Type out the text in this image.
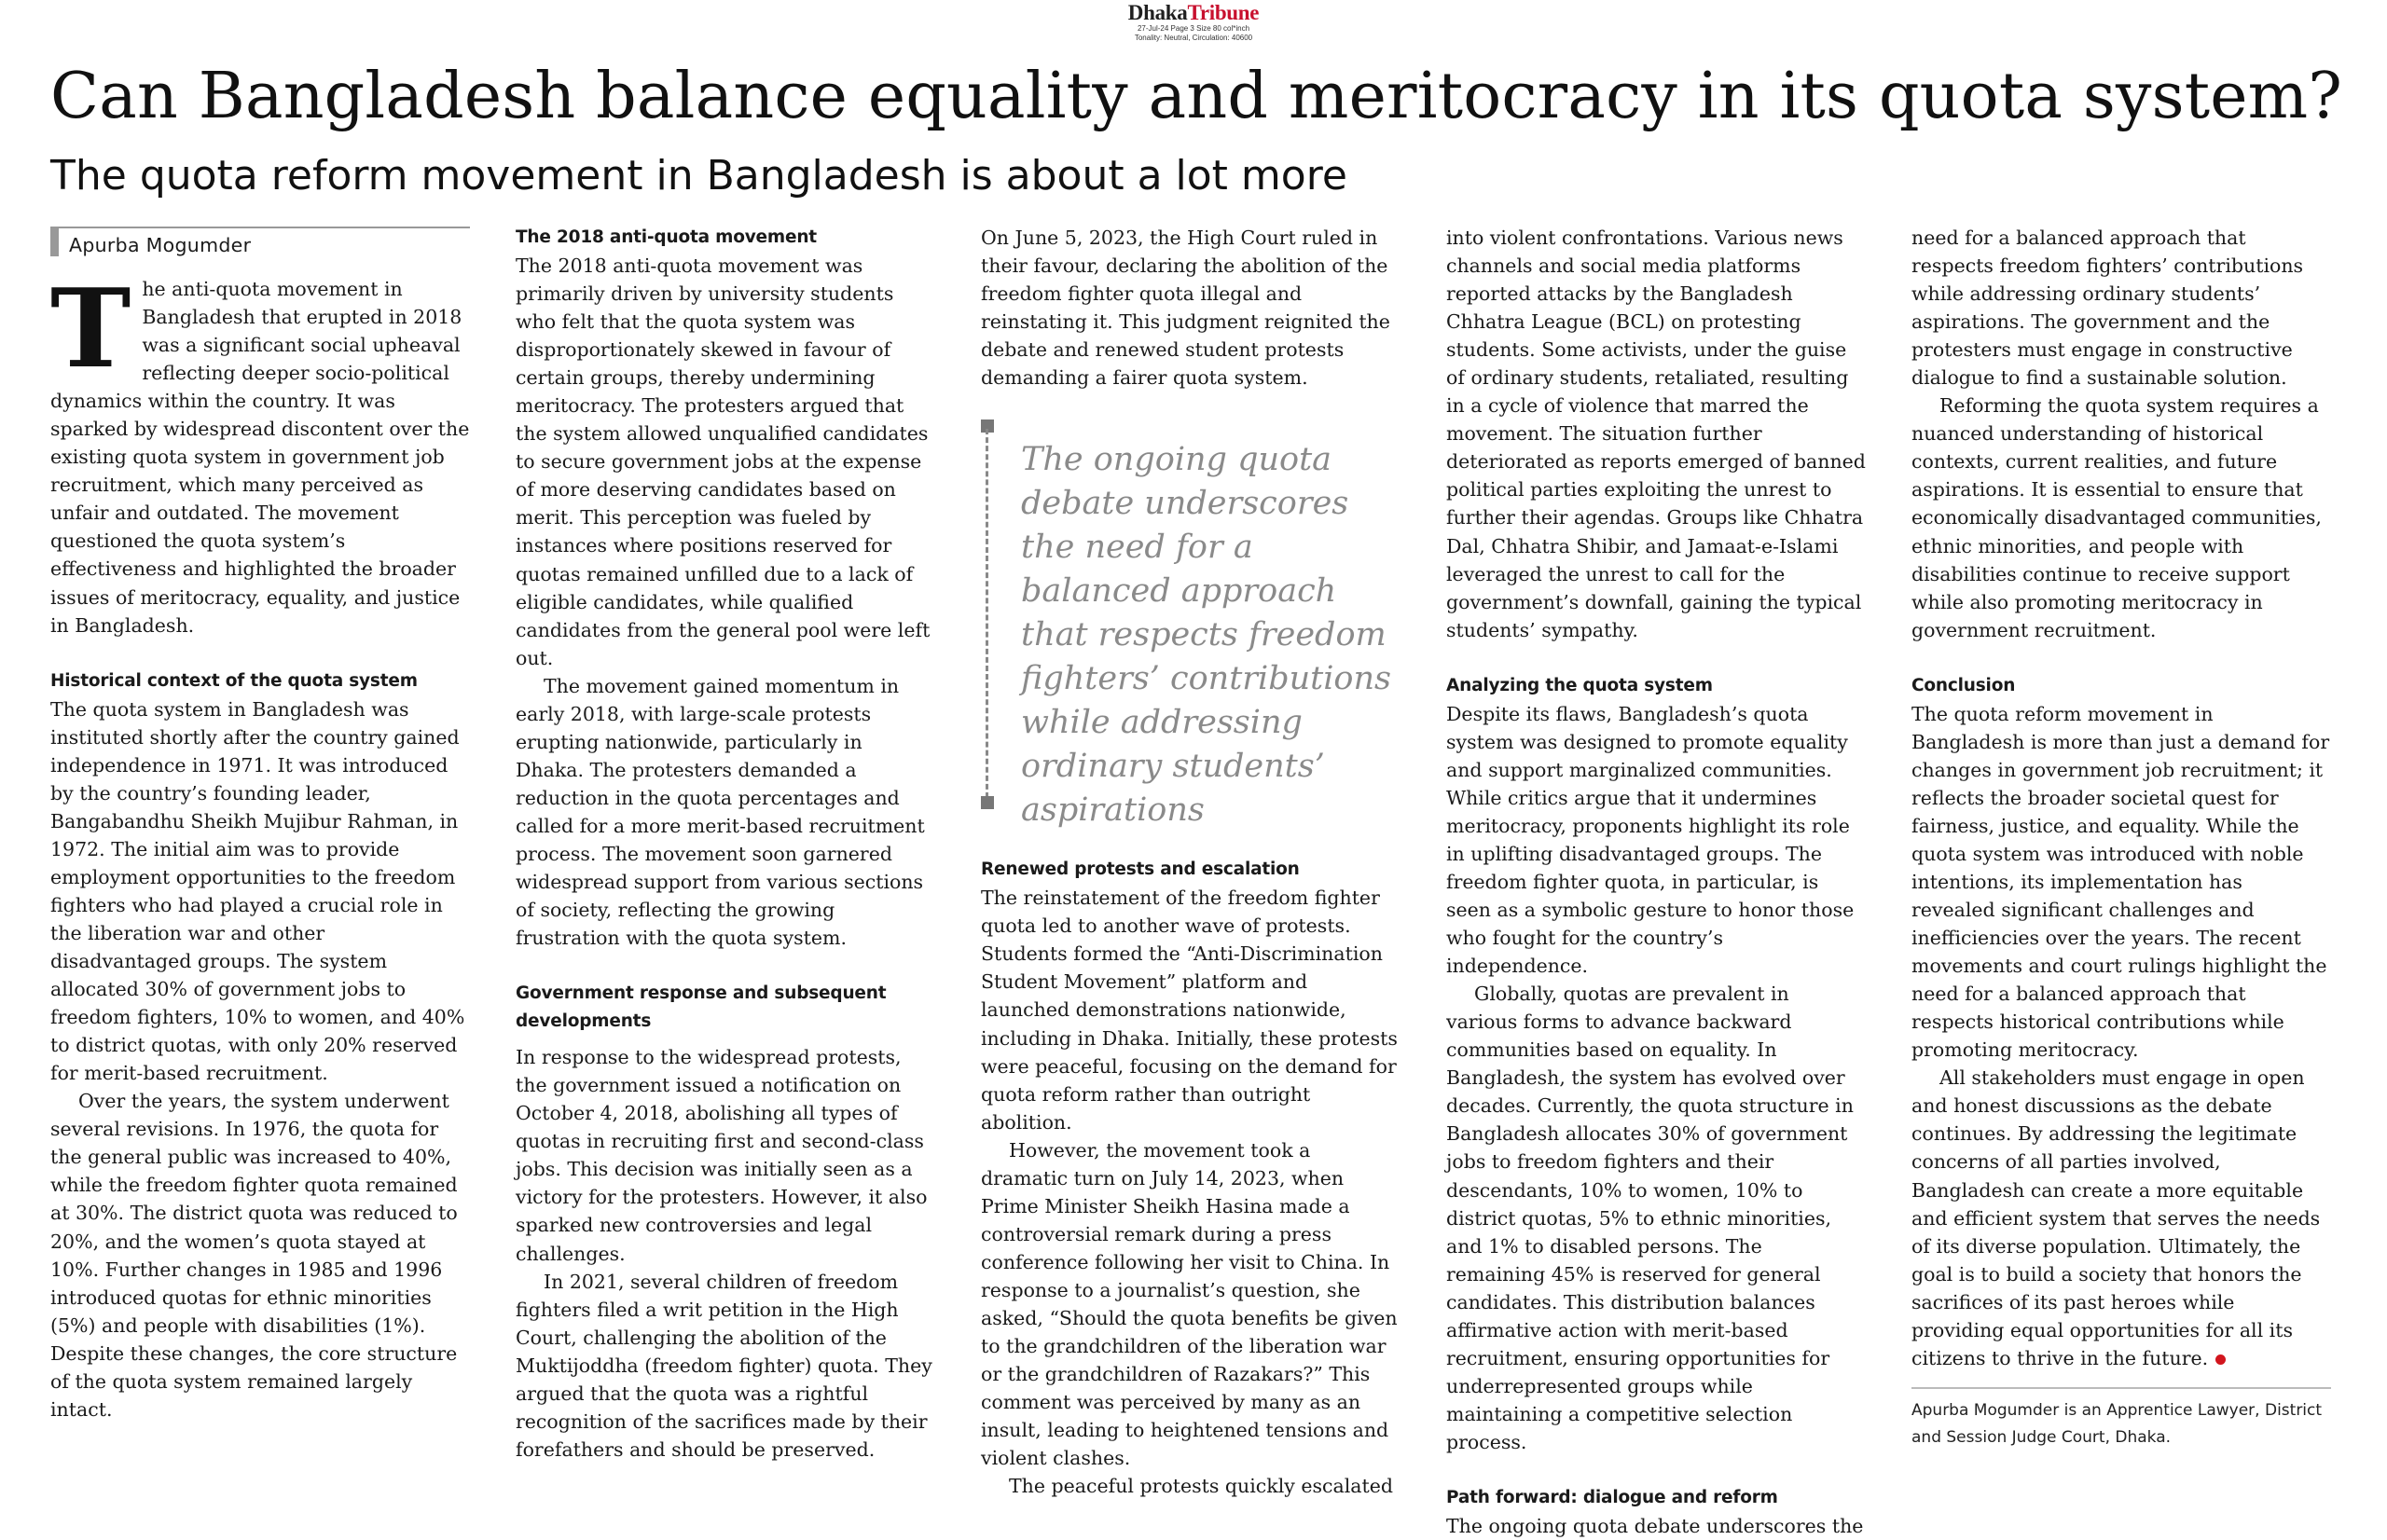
DhakaTribune
27-Jul-24 Page 3 Size 80 col*inch
Tonality: Neutral, Circulation: 40600
Can Bangladesh balance equality and meritocracy in its quota system?
The quota reform movement in Bangladesh is about a lot more
Apurba Mogumder

The anti-quota movement in Bangladesh that erupted in 2018 was a significant social upheaval reflecting deeper socio-political dynamics within the country. It was sparked by widespread discontent over the existing quota system in government job recruitment, which many perceived as unfair and outdated. The movement questioned the quota system’s effectiveness and highlighted the broader issues of meritocracy, equality, and justice in Bangladesh.

Historical context of the quota system

The quota system in Bangladesh was instituted shortly after the country gained independence in 1971. It was introduced by the country’s founding leader, Bangabandhu Sheikh Mujibur Rahman, in 1972. The initial aim was to provide employment opportunities to the freedom fighters who had played a crucial role in the liberation war and other disadvantaged groups. The system allocated 30% of government jobs to freedom fighters, 10% to women, and 40% to district quotas, with only 20% reserved for merit-based recruitment.

Over the years, the system underwent several revisions. In 1976, the quota for the general public was increased to 40%, while the freedom fighter quota remained at 30%. The district quota was reduced to 20%, and the women’s quota stayed at 10%. Further changes in 1985 and 1996 introduced quotas for ethnic minorities (5%) and people with disabilities (1%). Despite these changes, the core structure of the quota system remained largely intact.

The 2018 anti-quota movement

The 2018 anti-quota movement was primarily driven by university students who felt that the quota system was disproportionately skewed in favour of certain groups, thereby undermining meritocracy. The protesters argued that the system allowed unqualified candidates to secure government jobs at the expense of more deserving candidates based on merit. This perception was fueled by instances where positions reserved for quotas remained unfilled due to a lack of eligible candidates, while qualified candidates from the general pool were left out.

The movement gained momentum in early 2018, with large-scale protests erupting nationwide, particularly in Dhaka. The protesters demanded a reduction in the quota percentages and called for a more merit-based recruitment process. The movement soon garnered widespread support from various sections of society, reflecting the growing frustration with the quota system.

Government response and subsequent developments

In response to the widespread protests, the government issued a notification on October 4, 2018, abolishing all types of quotas in recruiting first and second-class jobs. This decision was initially seen as a victory for the protesters. However, it also sparked new controversies and legal challenges.

In 2021, several children of freedom fighters filed a writ petition in the High Court, challenging the abolition of the Muktijoddha (freedom fighter) quota. They argued that the quota was a rightful recognition of the sacrifices made by their forefathers and should be preserved.

On June 5, 2023, the High Court ruled in their favour, declaring the abolition of the freedom fighter quota illegal and reinstating it. This judgment reignited the debate and renewed student protests demanding a fairer quota system.

The ongoing quota debate underscores the need for a balanced approach that respects freedom fighters’ contributions while addressing ordinary students’ aspirations
Renewed protests and escalation

The reinstatement of the freedom fighter quota led to another wave of protests. Students formed the “Anti-Discrimination Student Movement” platform and launched demonstrations nationwide, including in Dhaka. Initially, these protests were peaceful, focusing on the demand for quota reform rather than outright abolition.

However, the movement took a dramatic turn on July 14, 2023, when Prime Minister Sheikh Hasina made a controversial remark during a press conference following her visit to China. In response to a journalist’s question, she asked, “Should the quota benefits be given to the grandchildren of the liberation war or the grandchildren of Razakars?” This comment was perceived by many as an insult, leading to heightened tensions and violent clashes.

The peaceful protests quickly escalated

into violent confrontations. Various news channels and social media platforms reported attacks by the Bangladesh Chhatra League (BCL) on protesting students. Some activists, under the guise of ordinary students, retaliated, resulting in a cycle of violence that marred the movement. The situation further deteriorated as reports emerged of banned political parties exploiting the unrest to further their agendas. Groups like Chhatra Dal, Chhatra Shibir, and Jamaat-e-Islami leveraged the unrest to call for the government’s downfall, gaining the typical students’ sympathy.

Analyzing the quota system

Despite its flaws, Bangladesh’s quota system was designed to promote equality and support marginalized communities. While critics argue that it undermines meritocracy, proponents highlight its role in uplifting disadvantaged groups. The freedom fighter quota, in particular, is seen as a symbolic gesture to honor those who fought for the country’s independence.

Globally, quotas are prevalent in various forms to advance backward communities based on equality. In Bangladesh, the system has evolved over decades. Currently, the quota structure in Bangladesh allocates 30% of government jobs to freedom fighters and their descendants, 10% to women, 10% to district quotas, 5% to ethnic minorities, and 1% to disabled persons. The remaining 45% is reserved for general candidates. This distribution balances affirmative action with merit-based recruitment, ensuring opportunities for underrepresented groups while maintaining a competitive selection process.

Path forward: dialogue and reform

The ongoing quota debate underscores the

need for a balanced approach that respects freedom fighters’ contributions while addressing ordinary students’ aspirations. The government and the protesters must engage in constructive dialogue to find a sustainable solution.

Reforming the quota system requires a nuanced understanding of historical contexts, current realities, and future aspirations. It is essential to ensure that economically disadvantaged communities, ethnic minorities, and people with disabilities continue to receive support while also promoting meritocracy in government recruitment.

Conclusion

The quota reform movement in Bangladesh is more than just a demand for changes in government job recruitment; it reflects the broader societal quest for fairness, justice, and equality. While the quota system was introduced with noble intentions, its implementation has revealed significant challenges and inefficiencies over the years. The recent movements and court rulings highlight the need for a balanced approach that respects historical contributions while promoting meritocracy.

All stakeholders must engage in open and honest discussions as the debate continues. By addressing the legitimate concerns of all parties involved, Bangladesh can create a more equitable and efficient system that serves the needs of its diverse population. Ultimately, the goal is to build a society that honors the sacrifices of its past heroes while providing equal opportunities for all its citizens to thrive in the future.

Apurba Mogumder is an Apprentice Lawyer, District and Session Judge Court, Dhaka.
